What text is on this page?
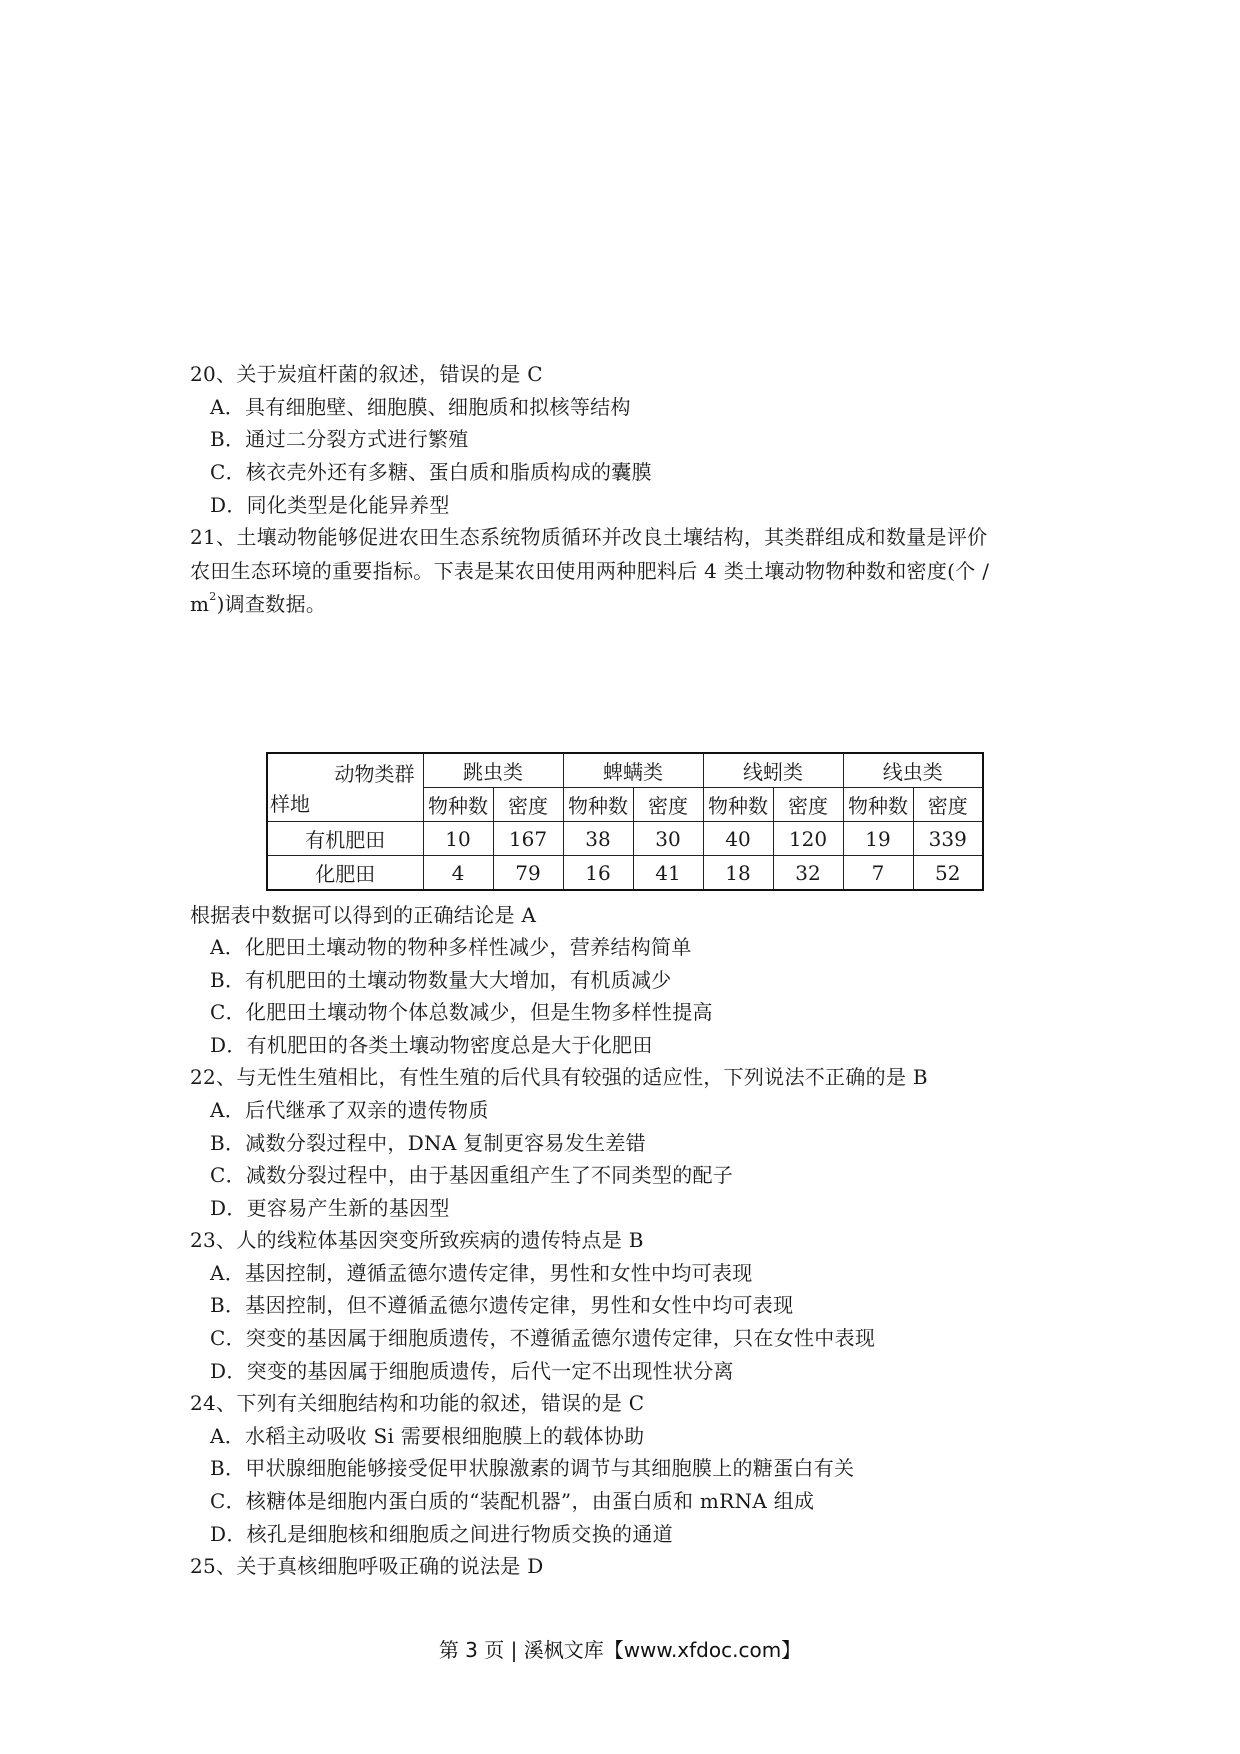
20、关于炭疽杆菌的叙述，错误的是 C
A．具有细胞壁、细胞膜、细胞质和拟核等结构
B．通过二分裂方式进行繁殖
C．核衣壳外还有多糖、蛋白质和脂质构成的囊膜
D．同化类型是化能异养型
21、土壤动物能够促进农田生态系统物质循环并改良土壤结构，其类群组成和数量是评价
农田生态环境的重要指标。下表是某农田使用两种肥料后 4 类土壤动物物种数和密度(个 /
$m^2$)调查数据。
动物类群
样地	跳虫类		蜱螨类		线蚓类		线虫类	
	物种数	密度	物种数	密度	物种数	密度	物种数	密度
有机肥田	10	167	38	30	40	120	19	339
化肥田	4	79	16	41	18	32	7	52
根据表中数据可以得到的正确结论是 A
A．化肥田土壤动物的物种多样性减少，营养结构简单
B．有机肥田的土壤动物数量大大增加，有机质减少
C．化肥田土壤动物个体总数减少，但是生物多样性提高
D．有机肥田的各类土壤动物密度总是大于化肥田
22、与无性生殖相比，有性生殖的后代具有较强的适应性，下列说法不正确的是 B
A．后代继承了双亲的遗传物质
B．减数分裂过程中，DNA 复制更容易发生差错
C．减数分裂过程中，由于基因重组产生了不同类型的配子
D．更容易产生新的基因型
23、人的线粒体基因突变所致疾病的遗传特点是 B
A．基因控制，遵循孟德尔遗传定律，男性和女性中均可表现
B．基因控制，但不遵循孟德尔遗传定律，男性和女性中均可表现
C．突变的基因属于细胞质遗传，不遵循孟德尔遗传定律，只在女性中表现
D．突变的基因属于细胞质遗传，后代一定不出现性状分离
24、下列有关细胞结构和功能的叙述，错误的是 C
A．水稻主动吸收 Si 需要根细胞膜上的载体协助
B．甲状腺细胞能够接受促甲状腺激素的调节与其细胞膜上的糖蛋白有关
C．核糖体是细胞内蛋白质的“装配机器”，由蛋白质和 mRNA 组成
D．核孔是细胞核和细胞质之间进行物质交换的通道
25、关于真核细胞呼吸正确的说法是 D
第 3 页 | 溪枫文库【www.xfdoc.com】
